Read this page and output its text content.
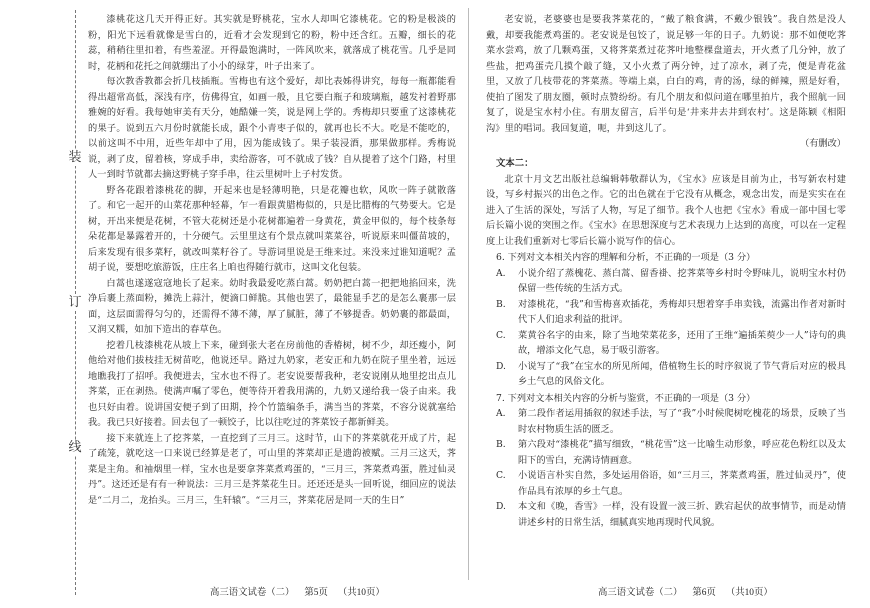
装
订
线

漆桃花这几天开得正好。其实就是野桃花，宝水人却叫它漆桃花。它的粉是极淡的粉，阳光下远看就像是雪白的，近看才会发现到它的粉，粉中还含红。五瓣，细长的花蕊，稍稍往里扣着，有些羞涩。开得最饱满时，一阵风吹来，就落成了桃花雪。几乎是同时，花柄和花托之间就绷出了小小的绿芽，叶子出来了。

每次教香教都会折几枝插瓶。雪梅也有这个爱好，却比表姊得讲究，每每一瓶都能看得出超常高低，深浅有序，仿佛得宜，如画一般，且它要白瓶子和玻璃瓶，越发衬着野那雅婉的好看。我每她审美有天分，她酷嫌一笑，说是网上学的。秀梅却只要重了这漆桃花的果子。说到五六月份时就能长成，跟个小青枣子似的，就再也长不大。吃是不能吃的，以前这叫不中用，近些年却中了用，因为能成钱了。果子装浸酒，那果做那样。秀梅说说，剥了皮，留着核，穿成手串，卖给游客，可不就成了钱？自从提着了这个门路，村里人一到时节就都去摘这野桃子穿手串，往云里树叶上子村发货。

野各花跟着漆桃花的脚，开起来也是轻薄明艳，只是花瓣也软，风吹一阵子就散落了。和它一起开的山菜花那种轻幕，乍一看跟黄腊梅似的，只是比腊梅的气势要大。它是树，开出来便是花树，不管大花树还是小花树都遍着一身黄花，黄金甲似的，每个枝条每朵花都是暴露着开的，十分硬气。云里里这有个景点就叫菜菜谷，听说原来叫僵苗坡的，后来发现有很多菜籽，就改叫菜籽谷了。导游词里说是王维来过。来没来过谁知道呢？孟胡子说，要想吃旅游饭，庄庄名上咱也得随行就市，这叫文化包装。

白蒿也遂遂寇寇地长了起来。幼时我最爱吃蒸白蒿。奶奶把白蒿一把把地掐回来，洗净后裹上蒸面粉，摊洗上蒜汁，便滴口鲜脆。其他也罢了，最能显手艺的是怎么裹那一层面，这层面需得匀匀的，还需得不薄不薄，厚了腻脏，薄了不够提香。奶奶裹的都最面，又润又糯，如加下造出的春草色。

挖着几枝漆桃花从坡上下来，碰到张大老在房前他的香椿树，树不少，却还瘦小，阿他给对他们拔枝挂无树苗吃，他说还早。路过九奶家，老安正和九奶在院子里坐着，远远地瞧我打了招呼。我便进去，宝水也不得了。老安说要帮我种，老安说刚从地里挖出点儿荠菜，正在剥热。使满声嘱了零色，便等待开着我用满的，九奶又递给我一袋子由来。我也只好由着。说讲国安便子到了田期，拎个竹篮编条手，满当当的荠菜，不容分说就塞给我。我已只好接着。回去包了一顿饺子，比以往吃过的荠菜饺子都新鲜美。

接下来就连上了挖荠菜，一直挖到了三月三。这时节，山下的荠菜就花开成了片，起了疏笼，就吃这一口来说已经算是老了，可山里的荠菜却正是遗韵被赋。三月三这天，荠菜是主角。和袖烟里一样，宝水也是要拿荠菜煮鸡蛋的，“三月三，荠菜煮鸡蛋，胜过仙灵丹”。这还还是有有一种说法：三月三是荠菜花生日。还还还是头一回听说，细回应的说法是“二月二，龙抬头。三月三，生轩辕”。“三月三，荠菜花居是同一天的生日”

高三语文试卷（二） 第5页 （共10页）

老安说，老婆婆也是要我荠菜花的，“戴了粮食满，不戴少银钱”。我自然是没人戴，却要我能煮鸡蛋的。老安说是包饺了，说足够一年的日子。九奶说：那不如便吃荠菜水尝鸡，放了几颗鸡蛋，又将荠菜煮过花荠叶地整棵盘道去，开火煮了几分钟，放了些盐，把鸡蛋壳几摸个敲了缝，又小火煮了两分钟，过了凉水，剥了壳，便是青花盆里，又放了几枝带花的荠菜蒸。等端上桌，白白的鸡，青的汤，绿的鲜辣，照是好看，使拍了图发了朋友圈，顿时点赞纷纷。有几个朋友和似问道在哪里拍片，我个照航一回复了，说是宝水村小住。有朋友留言，后半句是‘井来井去井到农村’。这是陈颖《相阳沟》里的唱词。我回复道，呃，井到这儿了。

（有删改）

文本二：

北京十月文艺出版社总编辑韩敬群认为，《宝水》应该是目前为止，书写新农村建设，写乡村振兴的出色之作。它的出色就在于它没有从概念，观念出发，而是实实在在进入了生活的深处，写活了人物，写足了细节。我个人也把《宝水》看成一部中国七零后长篇小说的突围之作。《宝水》在思想深度与艺术表现力上达到的高度，可以在一定程度上让我们重新对七零后长篇小说写作的信心。

6. 下列对文本相关内容的理解和分析，不正确的一项是（3 分）
A. 小说介绍了蒸槐花、蒸白蒿、留香褂、挖荠菜等乡村时令野味儿，说明宝水村仍保留一些传统的生活方式。
B. 对漆桃花，“我”和雪梅喜欢插花，秀梅却只想着穿手串卖钱，流露出作者对新时代下人们追求利益的批评。
C. 菜黄谷名字的由来，除了当地荣菜花多，还用了王维“遍插茱萸少一人”诗句的典故，增添文化气息，易于吸引游客。
D. 小说写了“我”在宝水的所见所闻，借植物生长的时序叙说了节气背后对应的极具乡土气息的风俗文化。
7. 下列对文本相关内容的分析与鉴赏，不正确的一项是（3 分）
A. 第二段作者运用插叙的叙述手法，写了“我”小时候爬树吃槐花的场景，反映了当时农村物质生活的匮乏。
B. 第六段对“漆桃花”描写细致，“桃花雪”这一比喻生动形象，呼应花色粉红以及太阳下的雪白，充满诗情画意。
C. 小说语言朴实自然，多处运用俗语，如“三月三，荠菜煮鸡蛋，胜过仙灵丹”，使作品具有浓厚的乡土气息。
D. 本文和《晚，香雪》一样，没有设置一波三折、跌宕起伏的故事情节，而是动情讲述乡村的日常生活，细腻真实地再现时代风貌。
高三语文试卷（二） 第6页 （共10页）
